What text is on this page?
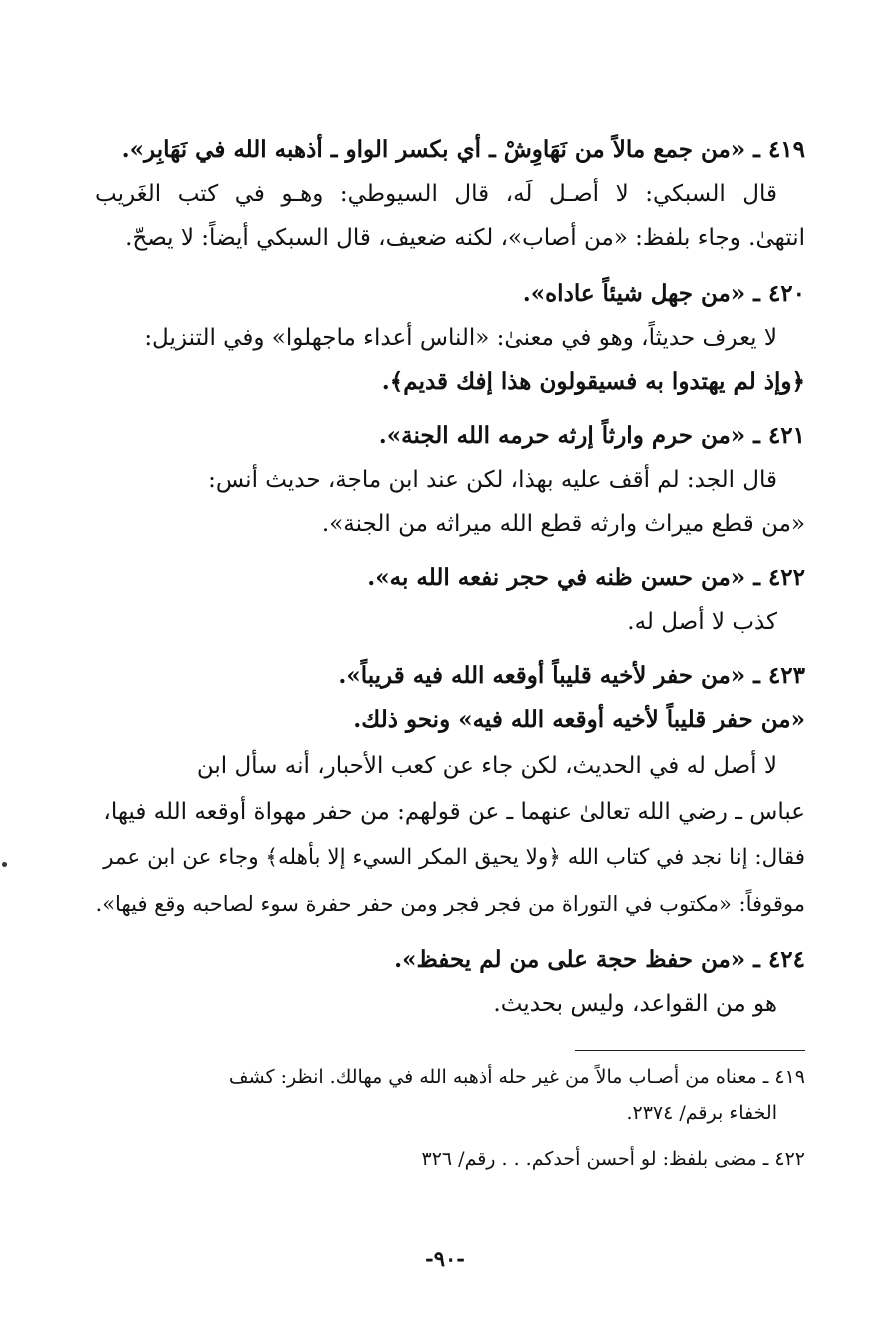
٤١٩ ـ «من جمع مالاً من نَهَاوِشْ ـ أي بكسر الواو ـ أذهبه الله في نَهَابِر».
قال السبكي: لا أصـل لَه، قال السيوطي: وهـو في كتب الغَريب
انتهىٰ. وجاء بلفظ: «من أصاب»، لكنه ضعيف، قال السبكي أيضاً: لا يصحّ.
٤٢٠ ـ «من جهل شيئاً عاداه».
لا يعرف حديثاً، وهو في معنىٰ: «الناس أعداء ماجهلوا» وفي التنزيل:
﴿وإذ لم يهتدوا به فسيقولون هذا إفك قديم﴾.
٤٢١ ـ «من حرم وارثاً إرثه حرمه الله الجنة».
قال الجد: لم أقف عليه بهذا، لكن عند ابن ماجة، حديث أنس:
«من قطع ميراث وارثه قطع الله ميراثه من الجنة».
٤٢٢ ـ «من حسن ظنه في حجر نفعه الله به».
كذب لا أصل له.
٤٢٣ ـ «من حفر لأخيه قليباً أوقعه الله فيه قريباً».
«من حفر قليباً لأخيه أوقعه الله فيه» ونحو ذلك.
لا أصل له في الحديث، لكن جاء عن كعب الأحبار، أنه سأل ابن
عباس ـ رضي الله تعالىٰ عنهما ـ عن قولهم: من حفر مهواة أوقعه الله فيها،
فقال: إنا نجد في كتاب الله ﴿ولا يحيق المكر السيء إلا بأهله﴾ وجاء عن ابن عمر
موقوفاً: «مكتوب في التوراة من فجر فجر ومن حفر حفرة سوء لصاحبه وقع فيها».
٤٢٤ ـ «من حفظ حجة على من لم يحفظ».
هو من القواعد، وليس بحديث.
٤١٩ ـ معناه من أصـاب مالاً من غير حله أذهبه الله في مهالك. انظر: كشف
الخفاء برقم/ ٢٣٧٤.
٤٢٢ ـ مضى بلفظ: لو أحسن أحدكم. . . رقم/ ٣٢٦
-٩٠-
